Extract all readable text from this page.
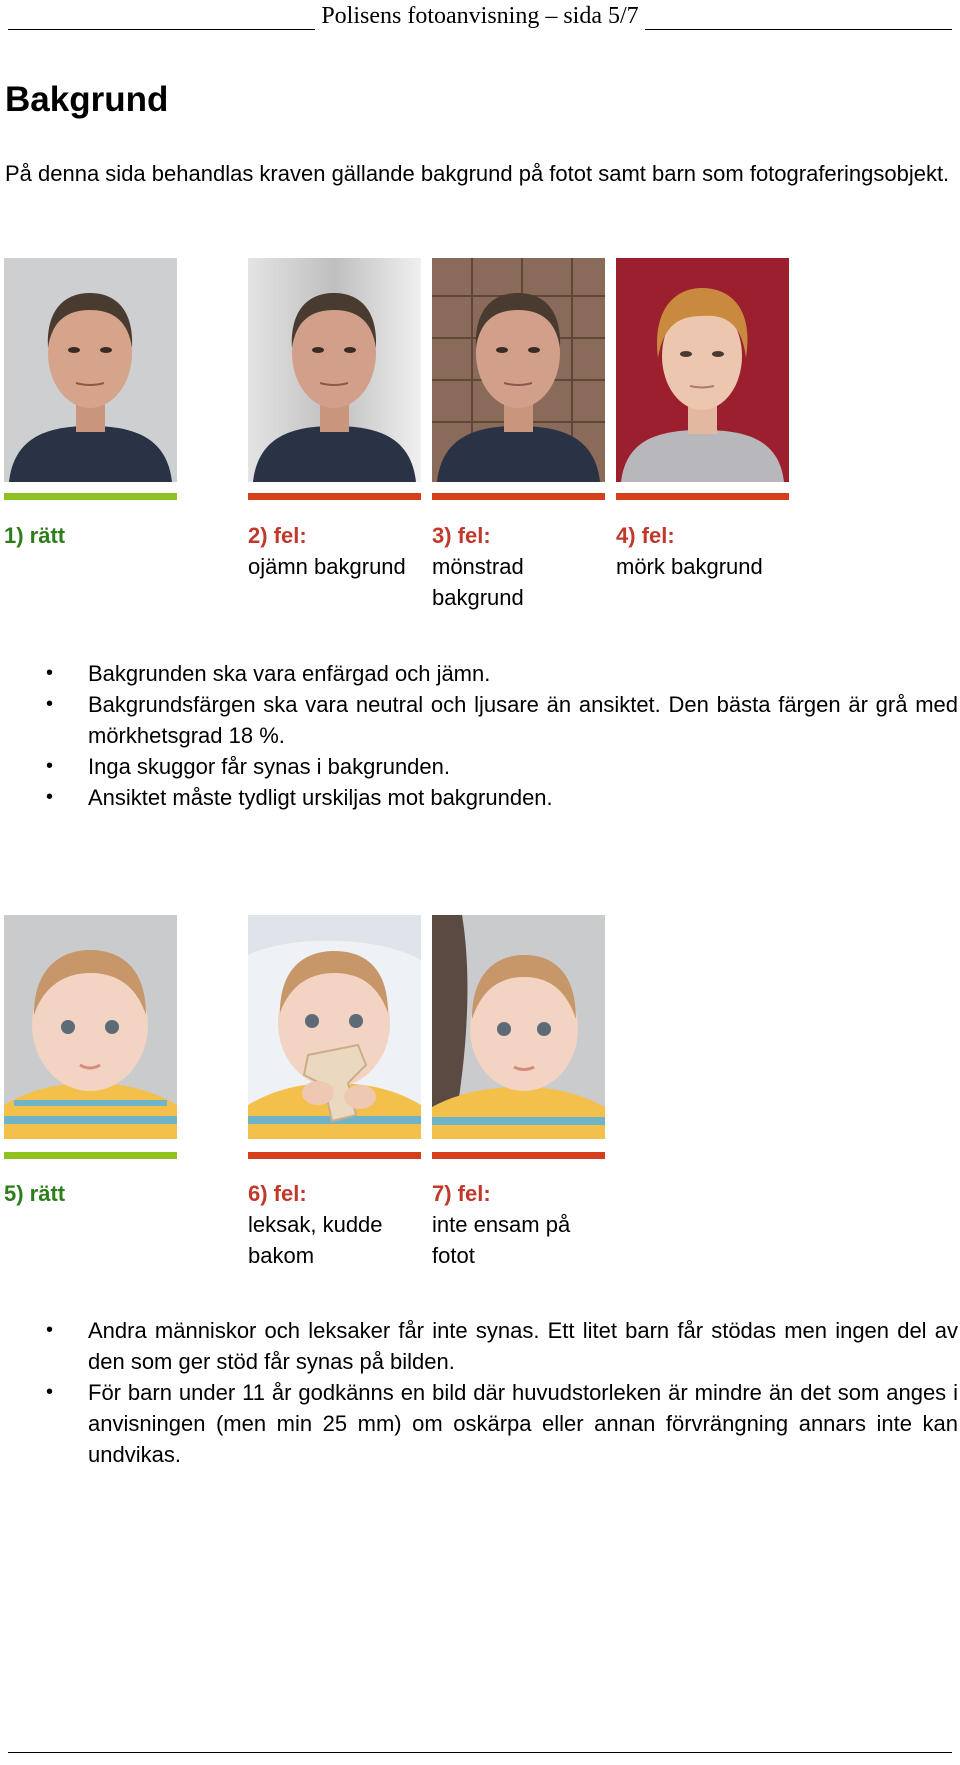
Polisens fotoanvisning – sida 5/7
Bakgrund

På denna sida behandlas kraven gällande bakgrund på fotot samt barn som fotograferingsobjekt.

1) rätt	2) fel:
ojämn bakgrund
3) fel:
mönstrad bakgrund
4) fel:
mörk bakgrund
• Bakgrunden ska vara enfärgad och jämn.
• Bakgrundsfärgen ska vara neutral och ljusare än ansiktet. Den bästa färgen är grå med mörkhetsgrad 18 %.
• Inga skuggor får synas i bakgrunden.
• Ansiktet måste tydligt urskiljas mot bakgrunden.
5) rätt	6) fel:
leksak, kudde bakom
7) fel:
inte ensam på fotot
• Andra människor och leksaker får inte synas. Ett litet barn får stödas men ingen del av den som ger stöd får synas på bilden.
• För barn under 11 år godkänns en bild där huvudstorleken är mindre än det som anges i anvisningen (men min 25 mm) om oskärpa eller annan förvrängning annars inte kan undvikas.
